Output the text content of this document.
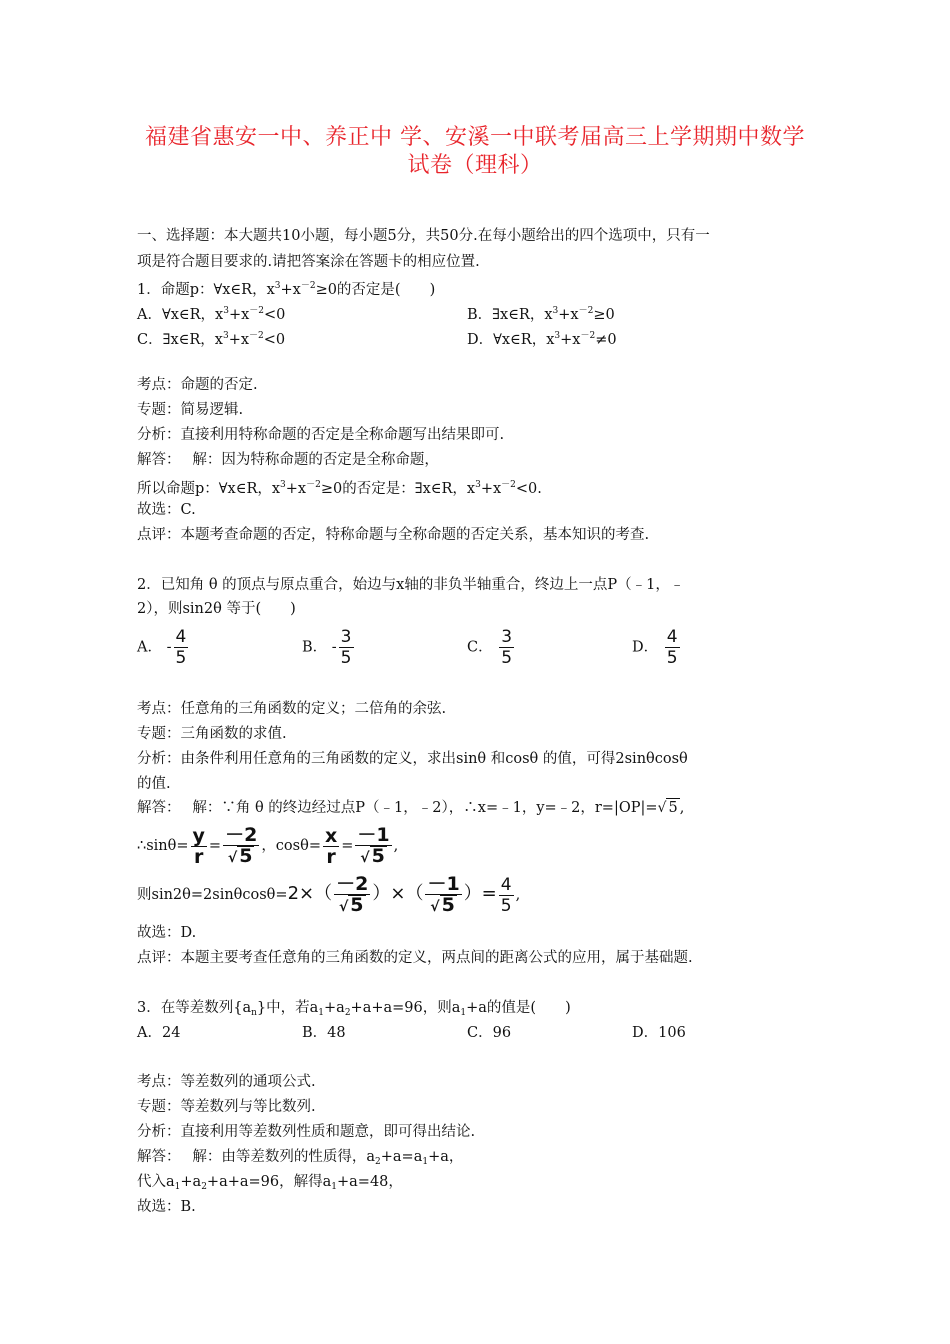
福建省惠安一中、养正中 学、安溪一中联考届高三上学期期中数学
试卷（理科）
一、选择题：本大题共10小题，每小题5分，共50分.在每小题给出的四个选项中，只有一
项是符合题目要求的.请把答案涂在答题卡的相应位置.
1．命题p：∀x∈R，$x^3+x^{-2}\ge 0$的否定是(　　)
A．∀x∈R，$x^3+x^{-2}<0$	B．∃x∈R，$x^3+x^{-2}\ge 0$
C．∃x∈R，$x^3+x^{-2}<0$	D．∀x∈R，$x^3+x^{-2}\ne 0$
考点：命题的否定.
专题：简易逻辑.
分析：直接利用特称命题的否定是全称命题写出结果即可.
解答：　 解：因为特称命题的否定是全称命题，
所以命题p：∀x∈R，$x^3+x^{-2}\ge 0$的否定是：∃x∈R，$x^3+x^{-2}<0$.
故选：C.
点评：本题考查命题的否定，特称命题与全称命题的否定关系，基本知识的考查.
2．已知角 θ 的顶点与原点重合，始边与x轴的非负半轴重合，终边上一点P（﹣1，﹣
2），则sin2θ 等于(　　)
A． - $\frac{4}{5}$	B． - $\frac{3}{5}$	C． $\frac{3}{5}$	D． $\frac{4}{5}$
考点：任意角的三角函数的定义；二倍角的余弦.
专题：三角函数的求值.
分析：由条件利用任意角的三角函数的定义，求出sinθ 和cosθ 的值，可得2sinθcosθ
的值.
解答：　 解：∵角 θ 的终边经过点P（﹣1，﹣2），∴x=﹣1，y=﹣2，r=|OP|=√ 5 ,
∴sinθ= $\frac{y}{r} = \frac{-2}{√ 5}$ ，$\cos\theta= \frac{x}{r} = \frac{-1}{√ 5}$ ,
则$\sin 2\theta=2\sin\theta\cos\theta=2\times( \frac{-2}{√ 5}$ ）×（ $\frac{-1}{√ 5}$ ）= $\frac{4}{5}$ ,
故选：D.
点评：本题主要考查任意角的三角函数的定义，两点间的距离公式的应用，属于基础题.
3．在等差数列$\{a_n\}$中，若$a_1+a_2+a+a=96$，则$a_1+a$的值是(　　)
A．24	B．48	C．96	D．106
考点：等差数列的通项公式.
专题：等差数列与等比数列.
分析：直接利用等差数列性质和题意，即可得出结论.
解答：　 解：由等差数列的性质得，$a_2+a=a_1+a$，
代入$a_1+a_2+a+a=96$，解得$a_1+a=48$，
故选：B.
